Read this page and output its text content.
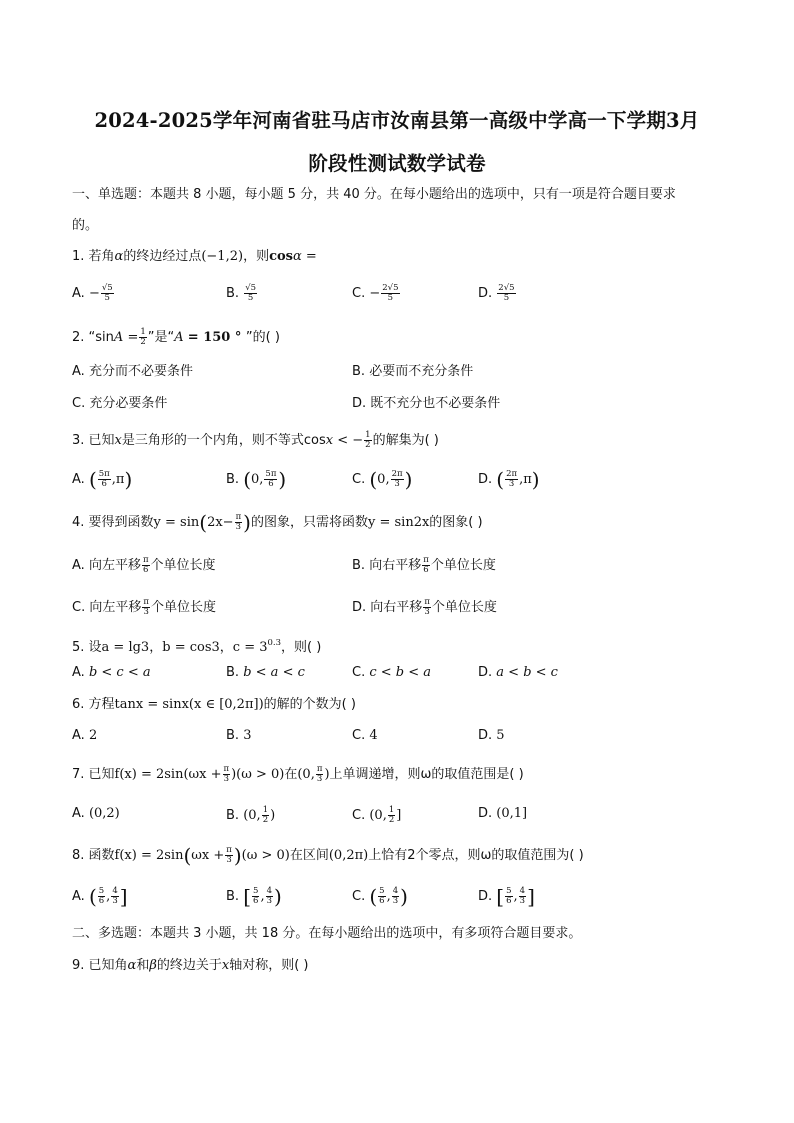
2024-2025学年河南省驻马店市汝南县第一高级中学高一下学期3月
阶段性测试数学试卷
一、单选题：本题共 8 小题，每小题 5 分，共 40 分。在每小题给出的选项中，只有一项是符合题目要求
的。
1. 若角α的终边经过点(−1,2)，则cosα =
A. − $\frac{√5}{5}$	B. $\frac{√5}{5}$	C. − $\frac{2√5}{5}$	D. $\frac{2√5}{5}$
2. “$\sin A = \frac{1}{2}$ ”是“A = 150 ° ”的( )
A. 充分而不必要条件	B. 必要而不充分条件
C. 充分必要条件	D. 既不充分也不必要条件
3. 已知x是三角形的一个内角，则不等式cosx < − $\frac{1}{2}$ 的解集为( )
A. ( $\frac{5\pi}{6} ,\pi$)	B. (0, $\frac{5\pi}{6}$ )	C. (0, $\frac{2\pi}{3}$ )	D. ( $\frac{2\pi}{3} ,\pi$)
4. 要得到函数$y = \sin(2x- \frac{\pi}{3}$ )的图象，只需将函数y = sin2x的图象( )
A. 向左平移 $\frac{\pi}{6}$ 个单位长度	B. 向右平移 $\frac{\pi}{6}$ 个单位长度
C. 向左平移 $\frac{\pi}{3}$ 个单位长度	D. 向右平移 $\frac{\pi}{3}$ 个单位长度
5. 设a = lg3，b = cos3，$c = 3^{0.3}$，则( )
A. b < c < a	B. b < a < c	C. c < b < a	D. a < b < c
6. 方程tanx = sinx(x ∈ [0,2π])的解的个数为( )
A. 2	B. 3	C. 4	D. 5
7. 已知$f(x) = 2\sin(\omega x + \frac{\pi}{3} )(\omega > 0)$在(0, $\frac{\pi}{3}$ )上单调递增，则ω的取值范围是( )
A. (0,2)	B. (0, $\frac{1}{2}$ )	C. (0, $\frac{1}{2}$ ]	D. (0,1]
8. 函数$f(x) = 2\sin(\omega x + \frac{\pi}{3} )(\omega > 0)$在区间(0,2π)上恰有2个零点，则ω的取值范围为( )
A. ( $\frac{5}{6}$ , $\frac{4}{3}$ ]	B. [ $\frac{5}{6}$ , $\frac{4}{3}$ )	C. ( $\frac{5}{6}$ , $\frac{4}{3}$ )	D. [ $\frac{5}{6}$ , $\frac{4}{3}$ ]
二、多选题：本题共 3 小题，共 18 分。在每小题给出的选项中，有多项符合题目要求。
9. 已知角α和β的终边关于x轴对称，则( )
